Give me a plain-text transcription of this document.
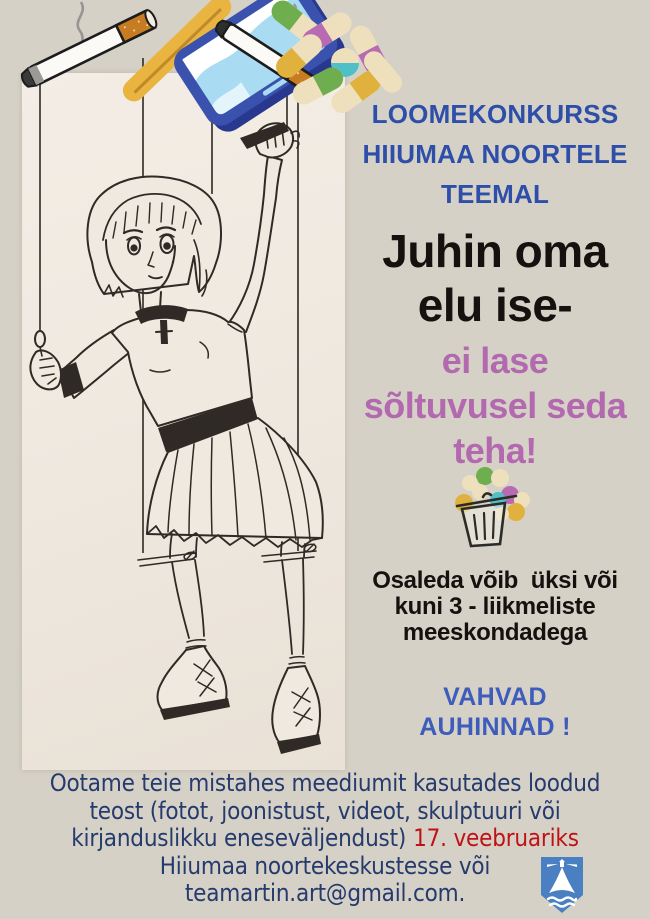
LOOMEKONKURSS
HIIUMAA NOORTELE
TEEMAL
Juhin oma
elu ise-
ei lase
sõltuvusel seda
teha!
Osaleda võib  üksi või
kuni 3 - liikmeliste
meeskondadega
VAHVAD
AUHINNAD !
Ootame teie mistahes meediumit kasutades loodud
teost (fotot, joonistust, videot, skulptuuri või
kirjanduslikku eneseväljendust) 17. veebruariks
Hiiumaa noortekeskustesse või
teamartin.art@gmail.com.
